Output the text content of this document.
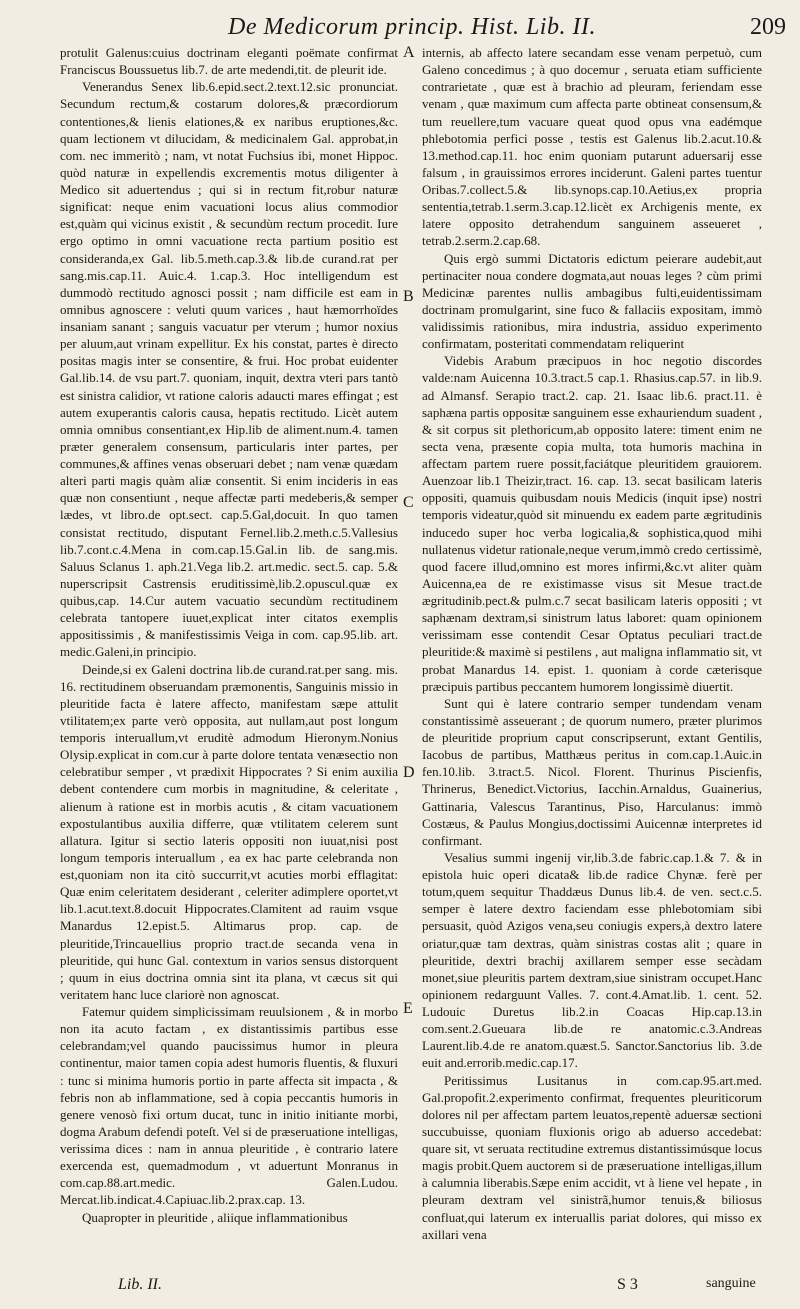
De Medicorum princip. Hist. Lib. II.	209

protulit Galenus:cuius doctrinam eleganti poëmate confirmat Franciscus Boussuetus lib.7. de arte medendi,tit. de pleurit ide.

Venerandus Senex lib.6.epid.sect.2.text.12.sic pronunciat. Secundum rectum,& costarum dolores,& præcordiorum contentiones,& lienis elationes,& ex naribus eruptiones,&c. quam lectionem vt dilucidam, & medicinalem Gal. approbat,in com. nec immeritò ; nam, vt notat Fuchsius ibi, monet Hippoc. quòd naturæ in expellendis excrementis motus diligenter à Medico sit aduertendus ; qui si in rectum fit,robur naturæ significat: neque enim vacuationi locus alius commodior est,quàm qui vicinus existit , & secundùm rectum procedit. Iure ergo optimo in omni vacuatione recta partium positio est consideranda,ex Gal. lib.5.meth.cap.3.& lib.de curand.rat per sang.mis.cap.11. Auic.4. 1.cap.3. Hoc intelligendum est dummodò rectitudo agnosci possit ; nam difficile est eam in omnibus agnoscere : veluti quum varices , haut hæmorrhoïdes insaniam sanant ; sanguis vacuatur per vterum ; humor noxius per aluum,aut vrinam expellitur. Ex his constat, partes è directo positas magis inter se consentire, & frui. Hoc probat euidenter Gal.lib.14. de vsu part.7. quoniam, inquit, dextra vteri pars tantò est sinistra calidior, vt ratione caloris adaucti mares effingat ; est autem exuperantis caloris causa, hepatis rectitudo. Licèt autem omnia omnibus consentiant,ex Hip.lib de aliment.num.4. tamen præter generalem consensum, particularis inter partes, per communes,& affines venas obseruari debet ; nam venæ quædam alteri parti magis quàm aliæ consentit. Si enim incideris in eas quæ non consentiunt , neque affectæ parti medeberis,& semper lædes, vt libro.de opt.sect. cap.5.Gal,docuit. In quo tamen consistat rectitudo, disputant Fernel.lib.2.meth.c.5.Vallesius lib.7.cont.c.4.Mena in com.cap.15.Gal.in lib. de sang.mis. Saluus Sclanus 1. aph.21.Vega lib.2. art.medic. sect.5. cap. 5.& nuperscripsit Castrensis eruditissimè,lib.2.opuscul.quæ ex quibus,cap. 14.Cur autem vacuatio secundùm rectitudinem celebrata tantopere iuuet,explicat inter citatos exemplis appositissimis , & manifestissimis Veiga in com. cap.95.lib. art. medic.Galeni,in principio.

Deinde,si ex Galeni doctrina lib.de curand.rat.per sang. mis. 16. rectitudinem obseruandam præmonentis, Sanguinis missio in pleuritide facta è latere affecto, manifestam sæpe attulit vtilitatem;ex parte verò opposita, aut nullam,aut post longum temporis interuallum,vt eruditè admodum Hieronym.Nonius Olysip.explicat in com.cur à parte dolore tentata venæsectio non celebratibur semper , vt prædixit Hippocrates ? Si enim auxilia debent contendere cum morbis in magnitudine, & celeritate , alienum à ratione est in morbis acutis , & citam vacuationem expostulantibus auxilia differre, quæ vtilitatem celerem sunt allatura. Igitur si sectio lateris oppositi non iuuat,nisi post longum temporis interuallum , ea ex hac parte celebranda non est,quoniam non ita citò succurrit,vt acuties morbi efflagitat: Quæ enim celeritatem desiderant , celeriter adimplere oportet,vt lib.1.acut.text.8.docuit Hippocrates.Clamitent ad rauim vsque Manardus 12.epist.5. Altimarus prop. cap. de pleuritide,Trincauellius proprio tract.de secanda vena in pleuritide, qui hunc Gal. contextum in varios sensus distorquent ; quum in eius doctrina omnia sint ita plana, vt cæcus sit qui veritatem hanc luce clariorè non agnoscat.

Fatemur quidem simplicissimam reuulsionem , & in morbo non ita acuto factam , ex distantissimis partibus esse celebrandam;vel quando paucissimus humor in pleura continentur, maior tamen copia adest humoris fluentis, & fluxuri : tunc si minima humoris portio in parte affecta sit impacta , & febris non ab inflammatione, sed à copia peccantis humoris in genere venosò fixi ortum ducat, tunc in initio initiante morbi, dogma Arabum defendi poteſt. Vel si de præseruatione intelligas, verissima dices : nam in annua pleuritide , è contrario latere exercenda est, quemadmodum , vt aduertunt Monranus in com.cap.88.art.medic. Galen.Ludou. Mercat.lib.indicat.4.Capiuac.lib.2.prax.cap. 13.

Quapropter in pleuritide , aliique inflammationibus

A
B
C
D
E

internis, ab affecto latere secandam esse venam perpetuò, cum Galeno concedimus ; à quo docemur , seruata etiam sufficiente contrarietate , quæ est à brachio ad pleuram, feriendam esse venam , quæ maximum cum affecta parte obtineat consensum,& tum reuellere,tum vacuare queat quod opus vna eadémque phlebotomia perfici posse , testis est Galenus lib.2.acut.10.& 13.method.cap.11. hoc enim quoniam putarunt aduersarij esse falsum , in grauissimos errores inciderunt. Galeni partes tuentur Oribas.7.collect.5.& lib.synops.cap.10.Aetius,ex propria sententia,tetrab.1.serm.3.cap.12.licèt ex Archigenis mente, ex latere opposito detrahendum sanguinem asseueret , tetrab.2.serm.2.cap.68.

Quis ergò summi Dictatoris edictum peierare audebit,aut pertinaciter noua condere dogmata,aut nouas leges ? cùm primi Medicinæ parentes nullis ambagibus fulti,euidentissimam doctrinam promulgarint, sine fuco & fallaciis expositam, immò validissimis rationibus, mira industria, assiduo experimento confirmatam, posteritati commendatam reliquerint

Videbis Arabum præcipuos in hoc negotio discordes valde:nam Auicenna 10.3.tract.5 cap.1. Rhasius.cap.57. in lib.9. ad Almansf. Serapio tract.2. cap. 21. Isaac lib.6. pract.11. è saphæna partis oppositæ sanguinem esse exhauriendum suadent , & sit corpus sit plethoricum,ab opposito latere: timent enim ne secta vena, præsente copia multa, tota humoris machina in affectam partem ruere possit,faciátque pleuritidem grauiorem. Auenzoar lib.1 Theizir,tract. 16. cap. 13. secat basilicam lateris oppositi, quamuis quibusdam nouis Medicis (inquit ipse) nostri temporis videatur,quòd sit minuendu ex eadem parte ægritudinis inducedo super hoc verba logicalia,& sophistica,quod mihi nullatenus videtur rationale,neque verum,immò credo certissimè, quod facere illud,omnino est mores infirmi,&c.vt aliter quàm Auicenna,ea de re existimasse visus sit Mesue tract.de ægritudinib.pect.& pulm.c.7 secat basilicam lateris oppositi ; vt saphænam dextram,si sinistrum latus laboret: quam opinionem verissimam esse contendit Cesar Optatus peculiari tract.de pleuritide:& maximè si pestilens , aut maligna inflammatio sit, vt probat Manardus 14. epist. 1. quoniam à corde cæterisque præcipuis partibus peccantem humorem longissimè diuertit.

Sunt qui è latere contrario semper tundendam venam constantissimè asseuerant ; de quorum numero, præter plurimos de pleuritide proprium caput conscripserunt, extant Gentilis, Iacobus de partibus, Matthæus peritus in com.cap.1.Auic.in fen.10.lib. 3.tract.5. Nicol. Florent. Thurinus Piscienfis, Thrinerus, Benedict.Victorius, Iacchin.Arnaldus, Guainerius, Gattinaria, Valescus Tarantinus, Piso, Harculanus: immò Costæus, & Paulus Mongius,doctissimi Auicennæ interpretes id confirmant.

Vesalius summi ingenij vir,lib.3.de fabric.cap.1.& 7. & in epistola huic operi dicata& lib.de radice Chynæ. ferè per totum,quem sequitur Thaddæus Dunus lib.4. de ven. sect.c.5. semper è latere dextro faciendam esse phlebotomiam sibi persuasit, quòd Azigos vena,seu coniugis expers,à dextro latere oriatur,quæ tam dextras, quàm sinistras costas alit ; quare in pleuritide, dextri brachij axillarem semper esse secàdam monet,siue pleuritis partem dextram,siue sinistram occupet.Hanc opinionem redarguunt Valles. 7. cont.4.Amat.lib. 1. cent. 52. Ludouic Duretus lib.2.in Coacas Hip.cap.13.in com.sent.2.Gueuara lib.de re anatomic.c.3.Andreas Laurent.lib.4.de re anatom.quæst.5. Sanctor.Sanctorius lib. 3.de euit and.errorib.medic.cap.17.

Peritissimus Lusitanus in com.cap.95.art.med. Gal.propofit.2.experimento confirmat, frequentes pleuriticorum dolores nil per affectam partem leuatos,repentè aduersæ sectioni succubuisse, quoniam fluxionis origo ab aduerso accedebat: quare sit, vt seruata rectitudine extremus distantissimúsque locus magis probit.Quem auctorem si de præseruatione intelligas,illum à calumnia liberabis.Sæpe enim accidit, vt à liene vel hepate , in pleuram dextram vel sinistrã,humor tenuis,& biliosus confluat,qui laterum ex interuallis pariat dolores, qui misso ex axillari vena

Lib. II.	S 3	sanguine
